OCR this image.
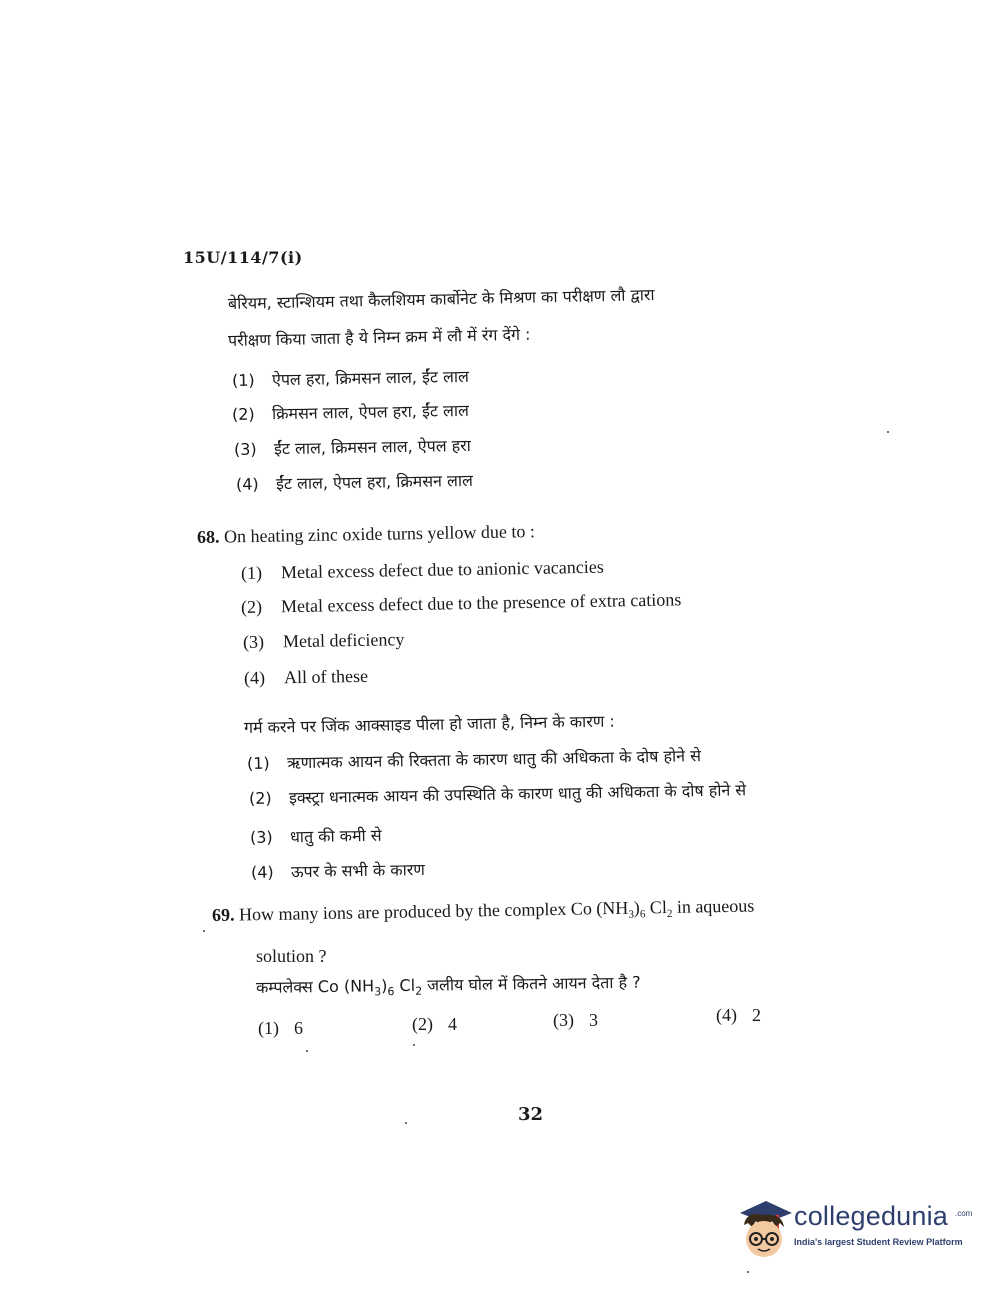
15U/114/7(i)
बेरियम, स्टान्शियम तथा कैलशियम कार्बोनेट के मिश्रण का परीक्षण लौ द्वारा
परीक्षण किया जाता है ये निम्न क्रम में लौ में रंग देंगे :
(1) ऐपल हरा, क्रिमसन लाल, ईंट लाल
(2) क्रिमसन लाल, ऐपल हरा, ईंट लाल
(3) ईंट लाल, क्रिमसन लाल, ऐपल हरा
(4) ईंट लाल, ऐपल हरा, क्रिमसन लाल
68. On heating zinc oxide turns yellow due to :
(1) Metal excess defect due to anionic vacancies
(2) Metal excess defect due to the presence of extra cations
(3) Metal deficiency
(4) All of these
गर्म करने पर जिंक आक्साइड पीला हो जाता है, निम्न के कारण :
(1) ऋणात्मक आयन की रिक्तता के कारण धातु की अधिकता के दोष होने से
(2) इक्स्ट्रा धनात्मक आयन की उपस्थिति के कारण धातु की अधिकता के दोष होने से
(3) धातु की कमी से
(4) ऊपर के सभी के कारण
69. How many ions are produced by the complex Co $(NH_3)_6$ $Cl_2$ in aqueous
solution ?
कम्पलेक्स Co $(NH_3)_6$ $Cl_2$ जलीय घोल में कितने आयन देता है ?
(1) 6	(2) 4	(3) 3	(4) 2
32
collegedunia .com
India's largest Student Review Platform
